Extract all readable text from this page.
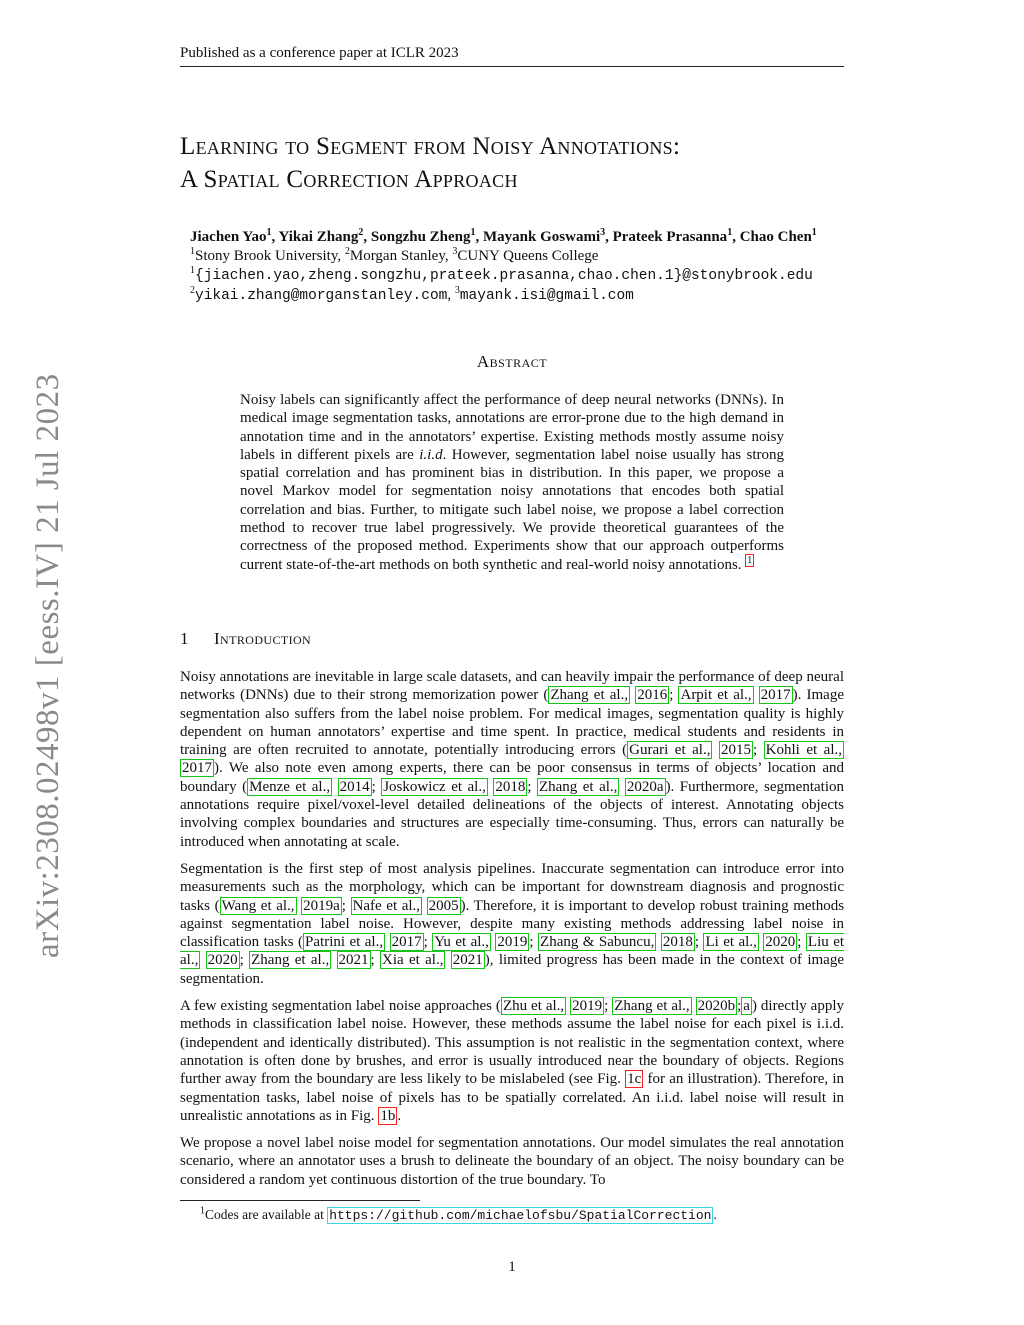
Published as a conference paper at ICLR 2023
Learning to Segment from Noisy Annotations:
A Spatial Correction Approach
Jiachen Yao$^1$, Yikai Zhang$^2$, Songzhu Zheng$^1$, Mayank Goswami$^3$, Prateek Prasanna$^1$, Chao Chen$^1$
$^1$Stony Brook University, $^2$Morgan Stanley, $^3$CUNY Queens College
$^1${jiachen.yao,zheng.songzhu,prateek.prasanna,chao.chen.1}@stonybrook.edu
$^2$yikai.zhang@morganstanley.com, $^3$mayank.isi@gmail.com
arXiv:2308.02498v1 [eess.IV] 21 Jul 2023
Abstract
Noisy labels can significantly affect the performance of deep neural networks (DNNs). In medical image segmentation tasks, annotations are error-prone due to the high demand in annotation time and in the annotators’ expertise. Existing methods mostly assume noisy labels in different pixels are i.i.d. However, segmentation label noise usually has strong spatial correlation and has prominent bias in distribution. In this paper, we propose a novel Markov model for segmentation noisy annotations that encodes both spatial correlation and bias. Further, to mitigate such label noise, we propose a label correction method to recover true label progressively. We provide theoretical guarantees of the correctness of the proposed method. Experiments show that our approach outperforms current state-of-the-art methods on both synthetic and real-world noisy annotations. $^1$
1 Introduction

Noisy annotations are inevitable in large scale datasets, and can heavily impair the performance of deep neural networks (DNNs) due to their strong memorization power ( Zhang et al., 2016 ; Arpit et al., 2017 ). Image segmentation also suffers from the label noise problem. For medical images, segmentation quality is highly dependent on human annotators’ expertise and time spent. In practice, medical students and residents in training are often recruited to annotate, potentially introducing errors ( Gurari et al., 2015 ; Kohli et al., 2017 ). We also note even among experts, there can be poor consensus in terms of objects’ location and boundary ( Menze et al., 2014 ; Joskowicz et al., 2018 ; Zhang et al., 2020a ). Furthermore, segmentation annotations require pixel/voxel-level detailed delineations of the objects of interest. Annotating objects involving complex boundaries and structures are especially time-consuming. Thus, errors can naturally be introduced when annotating at scale.

Segmentation is the first step of most analysis pipelines. Inaccurate segmentation can introduce error into measurements such as the morphology, which can be important for downstream diagnosis and prognostic tasks ( Wang et al., 2019a ; Nafe et al., 2005 ). Therefore, it is important to develop robust training methods against segmentation label noise. However, despite many existing methods addressing label noise in classification tasks ( Patrini et al., 2017 ; Yu et al., 2019 ; Zhang & Sabuncu, 2018 ; Li et al., 2020 ; Liu et al., 2020 ; Zhang et al., 2021 ; Xia et al., 2021 ), limited progress has been made in the context of image segmentation.

A few existing segmentation label noise approaches ( Zhu et al., 2019 ; Zhang et al., 2020b ; a ) directly apply methods in classification label noise. However, these methods assume the label noise for each pixel is i.i.d. (independent and identically distributed). This assumption is not realistic in the segmentation context, where annotation is often done by brushes, and error is usually introduced near the boundary of objects. Regions further away from the boundary are less likely to be mislabeled (see Fig. 1c for an illustration). Therefore, in segmentation tasks, label noise of pixels has to be spatially correlated. An i.i.d. label noise will result in unrealistic annotations as in Fig. 1b .

We propose a novel label noise model for segmentation annotations. Our model simulates the real annotation scenario, where an annotator uses a brush to delineate the boundary of an object. The noisy boundary can be considered a random yet continuous distortion of the true boundary. To

$^1$Codes are available at https://github.com/michaelofsbu/SpatialCorrection .
1
